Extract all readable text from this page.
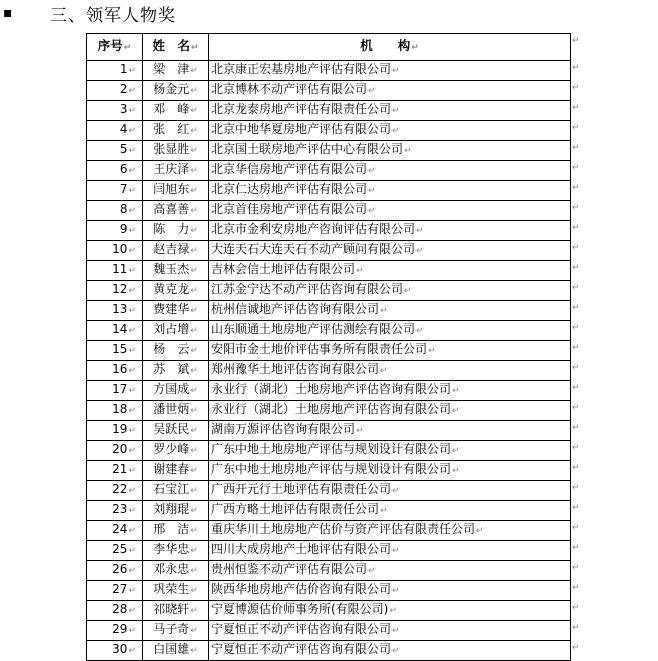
▪ 三、领军人物奖
序号↵	姓　名↵	机　　构↵
1↵	梁　津↵	北京康正宏基房地产评估有限公司↵
2↵	杨金元↵	北京博林不动产评估有限公司↵
3↵	邓　峰↵	北京龙泰房地产评估有限责任公司↵
4↵	张　红↵	北京中地华夏房地产评估有限公司↵
5↵	张显胜↵	北京国土联房地产评估中心有限公司↵
6↵	王庆泽↵	北京华信房地产评估有限公司↵
7↵	闫旭东↵	北京仁达房地产评估有限公司↵
8↵	高喜善↵	北京首佳房地产评估有限公司↵
9↵	陈　力↵	北京市金利安房地产咨询评估有限公司↵
10↵	赵吉禄↵	大连天石大连天石不动产顾问有限公司↵
11↵	魏玉杰↵	吉林会信土地评估有限公司↵
12↵	黄克龙↵	江苏金宁达不动产评估咨询有限公司↵
13↵	费建华↵	杭州信诚地产评估咨询有限公司↵
14↵	刘占增↵	山东顺通土地房地产评估测绘有限公司↵
15↵	杨　云↵	安阳市金土地价评估事务所有限责任公司↵
16↵	苏　斌↵	郑州豫华土地评估咨询有限公司↵
17↵	方国成↵	永业行（湖北）土地房地产评估咨询有限公司↵
18↵	潘世炳↵	永业行（湖北）土地房地产评估咨询有限公司↵
19↵	吴跃民↵	湖南万源评估咨询有限公司↵
20↵	罗少峰↵	广东中地土地房地产评估与规划设计有限公司↵
21↵	谢建春↵	广东中地土地房地产评估与规划设计有限公司↵
22↵	石宝江↵	广西开元行土地评估有限责任公司↵
23↵	刘翔琨↵	广西方略土地评估有限责任公司↵
24↵	邢　洁↵	重庆华川土地房地产估价与资产评估有限责任公司↵
25↵	李华忠↵	四川大成房地产土地评估有限公司↵
26↵	邓永忠↵	贵州恒鉴不动产评估有限公司↵
27↵	巩荣生↵	陕西华地房地产估价咨询有限公司↵
28↵	祁晓轩↵	宁夏博源估价师事务所(有限公司)↵
29↵	马子奇↵	宁夏恒正不动产评估咨询有限公司↵
30↵	白国雄↵	宁夏恒正不动产评估咨询有限公司↵
↵
↵
↵
↵
↵
↵
↵
↵
↵
↵
↵
↵
↵
↵
↵
↵
↵
↵
↵
↵
↵
↵
↵
↵
↵
↵
↵
↵
↵
↵
↵
